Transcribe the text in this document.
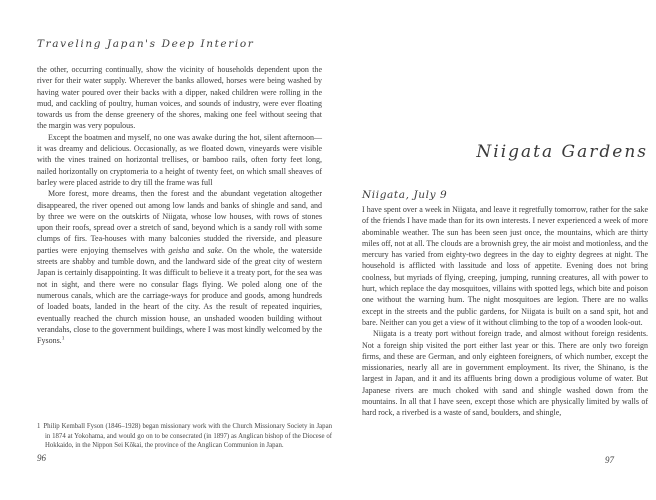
Traveling Japan's Deep Interior

the other, occurring continually, show the vicinity of households dependent upon the river for their water supply. Wherever the banks allowed, horses were being washed by having water poured over their backs with a dipper, naked children were rolling in the mud, and cackling of poultry, human voices, and sounds of industry, were ever floating towards us from the dense greenery of the shores, making one feel without seeing that the margin was very populous.

Except the boatmen and myself, no one was awake during the hot, silent afternoon—it was dreamy and delicious. Occasionally, as we floated down, vineyards were visible with the vines trained on horizontal trellises, or bamboo rails, often forty feet long, nailed horizontally on cryptomeria to a height of twenty feet, on which small sheaves of barley were placed astride to dry till the frame was full

More forest, more dreams, then the forest and the abundant vegetation altogether disappeared, the river opened out among low lands and banks of shingle and sand, and by three we were on the outskirts of Niigata, whose low houses, with rows of stones upon their roofs, spread over a stretch of sand, beyond which is a sandy roll with some clumps of firs. Tea-houses with many balconies studded the riverside, and pleasure parties were enjoying themselves with geisha and sake. On the whole, the waterside streets are shabby and tumble down, and the landward side of the great city of western Japan is certainly disappointing. It was difficult to believe it a treaty port, for the sea was not in sight, and there were no consular flags flying. We poled along one of the numerous canals, which are the carriage-ways for produce and goods, among hundreds of loaded boats, landed in the heart of the city. As the result of repeated inquiries, eventually reached the church mission house, an unshaded wooden building without verandahs, close to the government buildings, where I was most kindly welcomed by the Fysons.$^1$

1 Philip Kemball Fyson (1846–1928) began missionary work with the Church Missionary Society in Japan in 1874 at Yokohama, and would go on to be consecrated (in 1897) as Anglican bishop of the Diocese of Hokkaido, in the Nippon Sei Kōkai, the province of the Anglican Communion in Japan.
96
Niigata Gardens
Niigata, July 9

I have spent over a week in Niigata, and leave it regretfully tomorrow, rather for the sake of the friends I have made than for its own interests. I never experienced a week of more abominable weather. The sun has been seen just once, the mountains, which are thirty miles off, not at all. The clouds are a brownish grey, the air moist and motionless, and the mercury has varied from eighty-two degrees in the day to eighty degrees at night. The household is afflicted with lassitude and loss of appetite. Evening does not bring coolness, but myriads of flying, creeping, jumping, running creatures, all with power to hurt, which replace the day mosquitoes, villains with spotted legs, which bite and poison one without the warning hum. The night mosquitoes are legion. There are no walks except in the streets and the public gardens, for Niigata is built on a sand spit, hot and bare. Neither can you get a view of it without climbing to the top of a wooden look-out.

Niigata is a treaty port without foreign trade, and almost without foreign residents. Not a foreign ship visited the port either last year or this. There are only two foreign firms, and these are German, and only eighteen foreigners, of which number, except the missionaries, nearly all are in government employment. Its river, the Shinano, is the largest in Japan, and it and its affluents bring down a prodigious volume of water. But Japanese rivers are much choked with sand and shingle washed down from the mountains. In all that I have seen, except those which are physically limited by walls of hard rock, a riverbed is a waste of sand, boulders, and shingle,

97
